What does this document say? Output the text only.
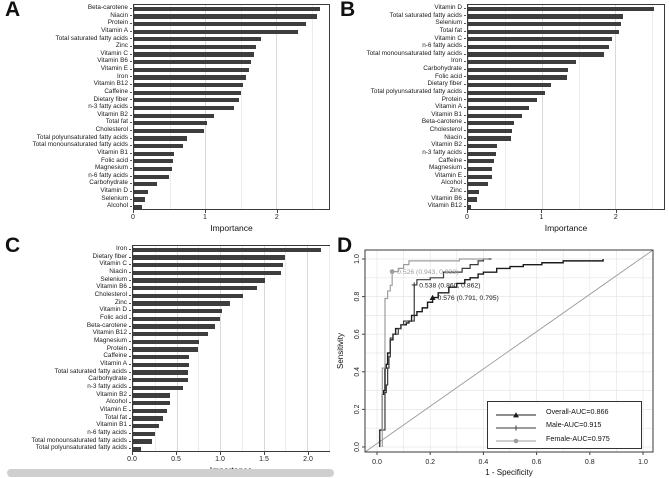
A	Beta-carotene
Niacin
Protein
Vitamin A
Total saturated fatty acids
Zinc
Vitamin C
Vitamin B6
Vitamin E
Iron
Vitamin B12
Caffeine
Dietary fiber
n-3 fatty acids
Vitamin B2
Total fat
Cholesterol
Total polyunsaturated fatty acids
Total monounsaturated fatty acids
Vitamin B1
Folic acid
Magnesium
n-6 fatty acids
Carbohydrate
Vitamin D
Selenium
Alcohol
0	1	2
Importance
B	Vitamin D
Total saturated fatty acids
Selenium
Total fat
Vitamin C
n-6 fatty acids
Total monounsaturated fatty acids
Iron
Carbohydrate
Folic acid
Dietary fiber
Total polyunsaturated fatty acids
Protein
Vitamin A
Vitamin B1
Beta-carotene
Cholesterol
Niacin
Vitamin B2
n-3 fatty acids
Caffeine
Magnesium
Vitamin E
Alcohol
Zinc
Vitamin B6
Vitamin B12
0	1	2
Importance
C	Iron
Dietary fiber
Vitamin C
Niacin
Selenium
Vitamin B6
Cholesterol
Zinc
Vitamin D
Folic acid
Beta-carotene
Vitamin B12
Magnesium
Protein
Caffeine
Vitamin A
Total saturated fatty acids
Carbohydrate
n-3 fatty acids
Vitamin B2
Alcohol
Vitamin E
Total fat
Vitamin B1
n-6 fatty acids
Total monounsaturated fatty acids
Total polyunsaturated fatty acids
0.0	0.5	1.0	1.5	2.0
D
0.526 (0.943, 0.933)
0.538 (0.860, 0.862)
0.576 (0.791, 0.795)
0.0	0.2	0.4	0.6	0.8	1.0
0.0
0.2
0.4
0.6
0.8
1.0
1 - Specificity
Sensitivity
Overall-AUC=0.866
Male-AUC=0.915
Female-AUC=0.975
